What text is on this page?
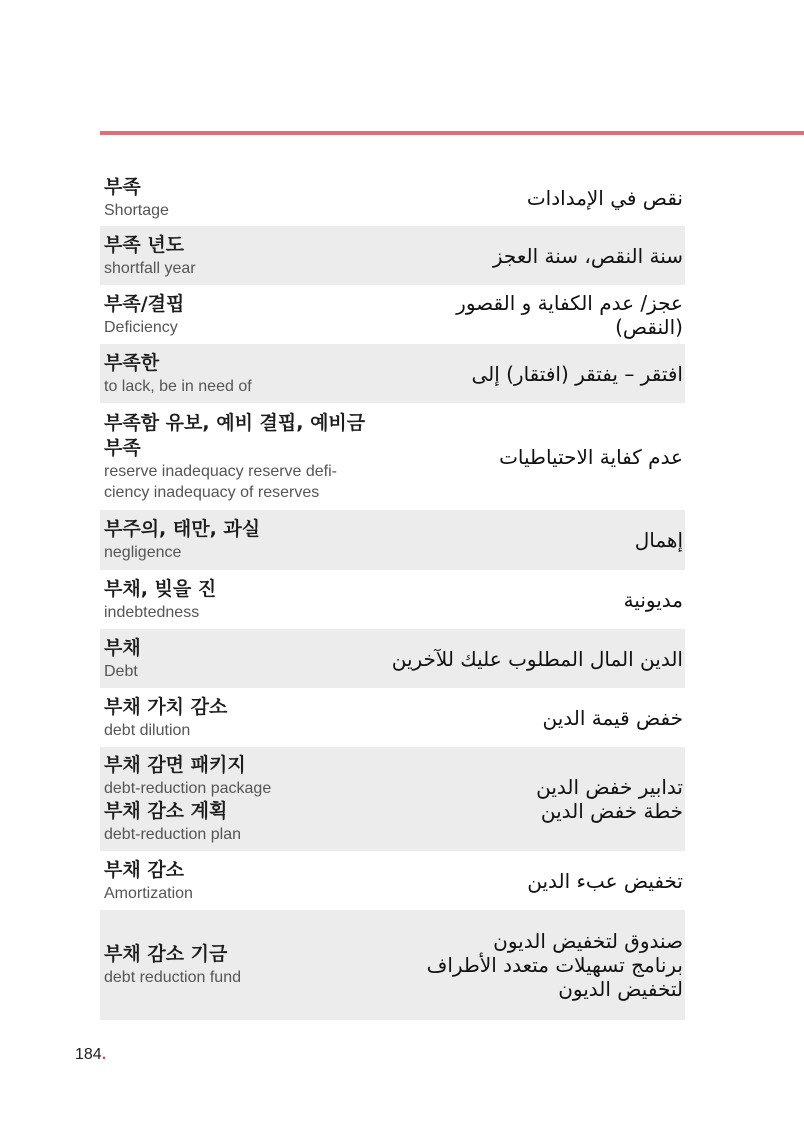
부족
Shortage
نقص في الإمدادات
부족 년도
shortfall year
سنة النقص، سنة العجز
부족/결핍
Deficiency
عجز/ عدم الكفاية و القصور
(النقص)
부족한
to lack, be in need of
افتقر – يفتقر (افتقار) إلى
부족함 유보, 예비 결핍, 예비금
부족
reserve inadequacy reserve defi-
ciency inadequacy of reserves
عدم كفاية الاحتياطيات
부주의, 태만, 과실
negligence
إهمال
부채, 빚을 진
indebtedness
مديونية
부채
Debt
الدين المال المطلوب عليك للآخرين
부채 가치 감소
debt dilution
خفض قيمة الدين
부채 감면 패키지
debt-reduction package
부채 감소 계획
debt-reduction plan
تدابير خفض الدين
خطة خفض الدين
부채 감소
Amortization
تخفيض عبء الدين
부채 감소 기금
debt reduction fund
صندوق لتخفيض الديون
برنامج تسهيلات متعدد الأطراف
لتخفيض الديون
184.
